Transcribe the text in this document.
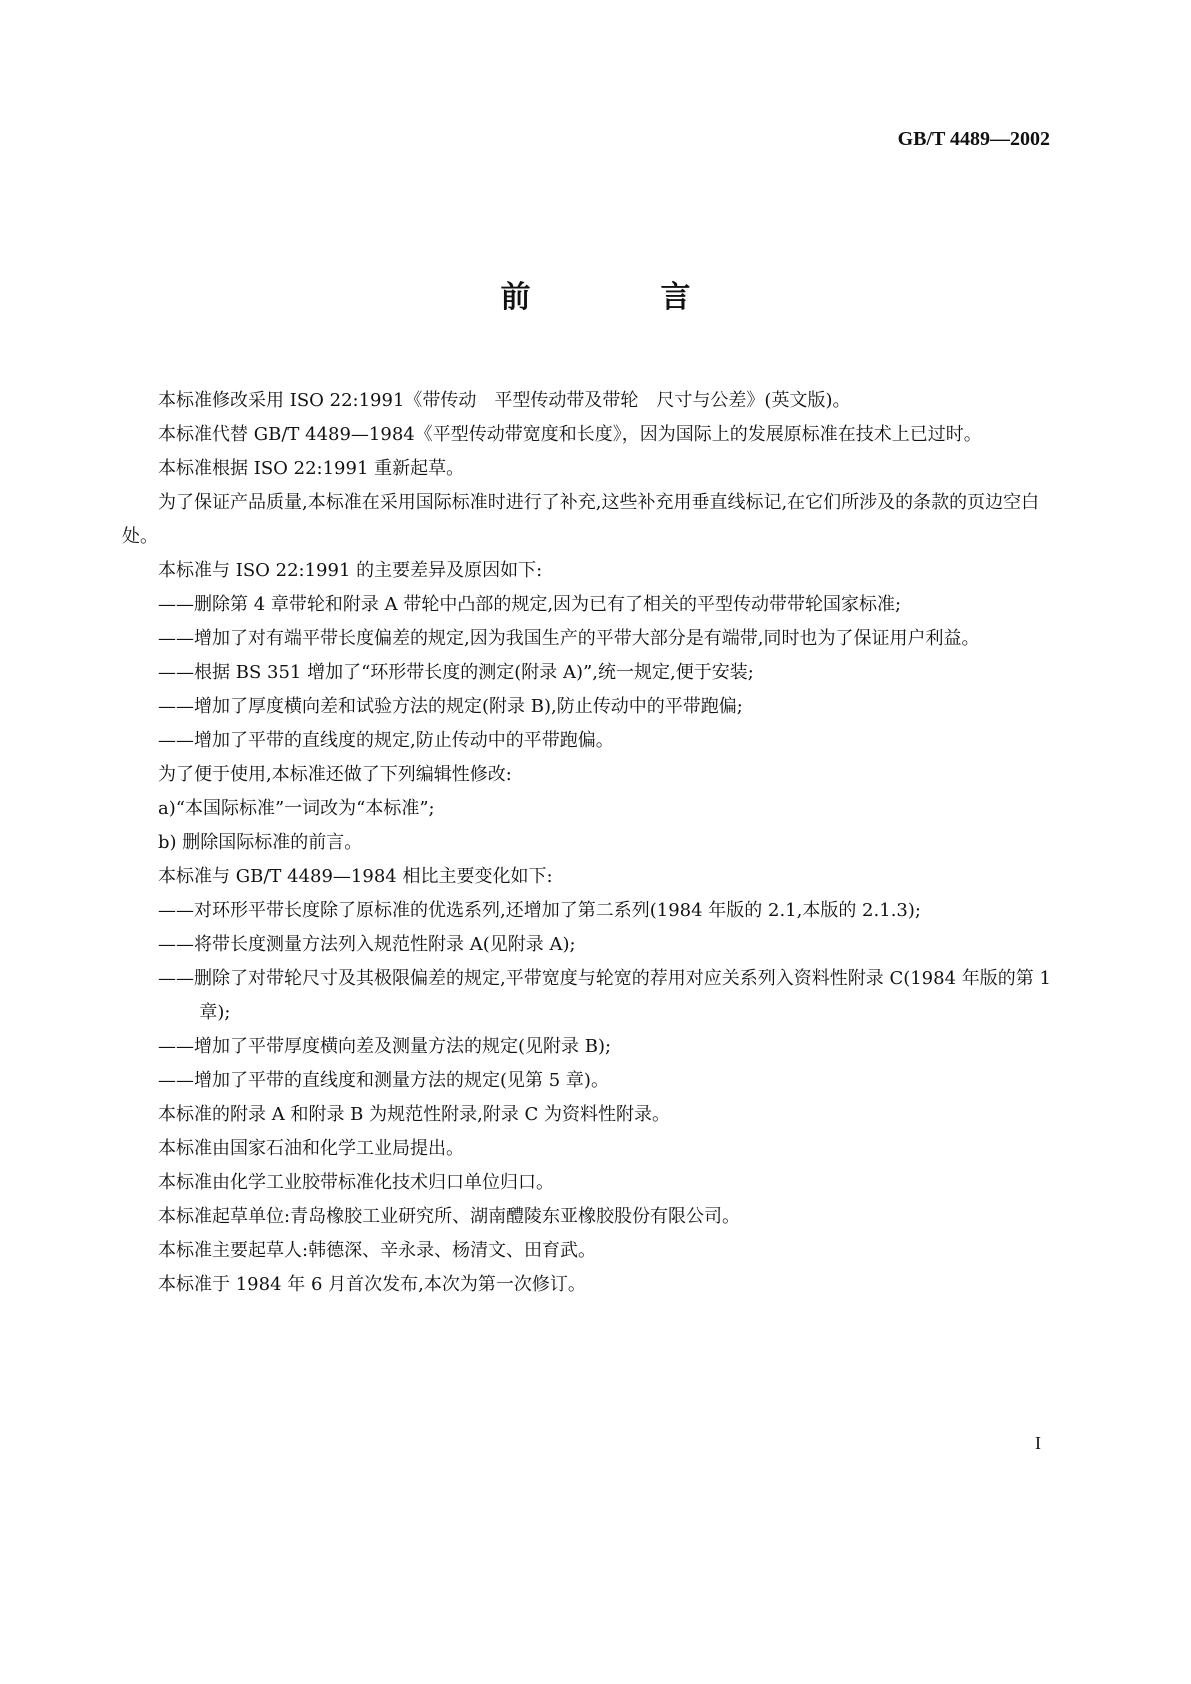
GB/T 4489—2002
前　言

本标准修改采用 ISO 22:1991《带传动　平型传动带及带轮　尺寸与公差》(英文版)。

本标准代替 GB/T 4489—1984《平型传动带宽度和长度》，因为国际上的发展原标准在技术上已过时。

本标准根据 ISO 22:1991 重新起草。

为了保证产品质量,本标准在采用国际标准时进行了补充,这些补充用垂直线标记,在它们所涉及的条款的页边空白处。

本标准与 ISO 22:1991 的主要差异及原因如下:

——删除第 4 章带轮和附录 A 带轮中凸部的规定,因为已有了相关的平型传动带带轮国家标准;

——增加了对有端平带长度偏差的规定,因为我国生产的平带大部分是有端带,同时也为了保证用户利益。

——根据 BS 351 增加了“环形带长度的测定(附录 A)”,统一规定,便于安装;

——增加了厚度横向差和试验方法的规定(附录 B),防止传动中的平带跑偏;

——增加了平带的直线度的规定,防止传动中的平带跑偏。

为了便于使用,本标准还做了下列编辑性修改:

a)“本国际标准”一词改为“本标准”;

b) 删除国际标准的前言。

本标准与 GB/T 4489—1984 相比主要变化如下:

——对环形平带长度除了原标准的优选系列,还增加了第二系列(1984 年版的 2.1,本版的 2.1.3);

——将带长度测量方法列入规范性附录 A(见附录 A);

——删除了对带轮尺寸及其极限偏差的规定,平带宽度与轮宽的荐用对应关系列入资料性附录 C(1984 年版的第 1 章);

——增加了平带厚度横向差及测量方法的规定(见附录 B);

——增加了平带的直线度和测量方法的规定(见第 5 章)。

本标准的附录 A 和附录 B 为规范性附录,附录 C 为资料性附录。

本标准由国家石油和化学工业局提出。

本标准由化学工业胶带标准化技术归口单位归口。

本标准起草单位:青岛橡胶工业研究所、湖南醴陵东亚橡胶股份有限公司。

本标准主要起草人:韩德深、辛永录、杨清文、田育武。

本标准于 1984 年 6 月首次发布,本次为第一次修订。

I
